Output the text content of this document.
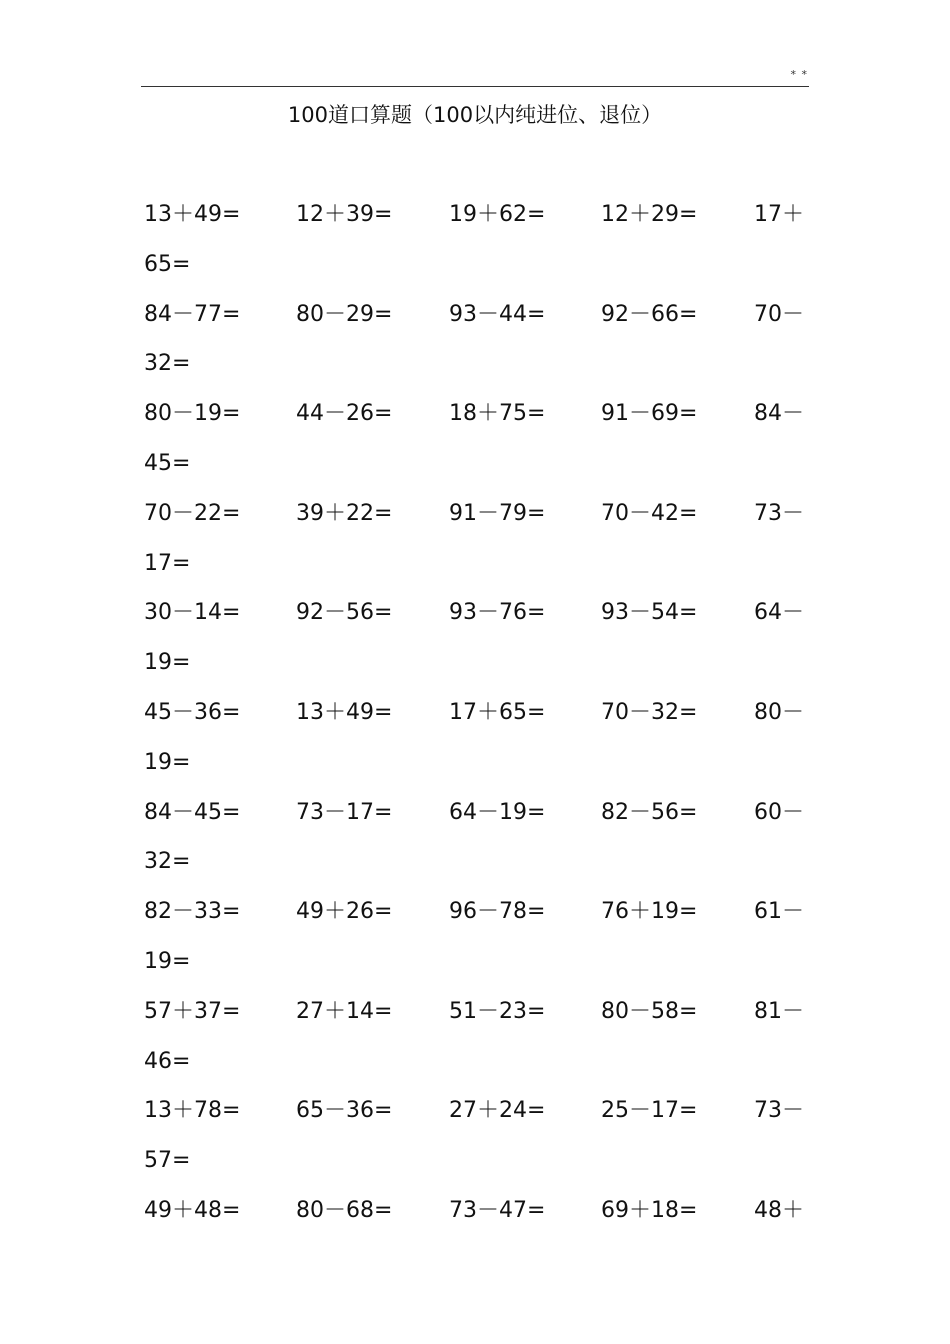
* *
100道口算题（100以内纯进位、退位）
13＋49=	12＋39=	19＋62=	12＋29=	17＋
65=
84－77=	80－29=	93－44=	92－66=	70－
32=
80－19=	44－26=	18＋75=	91－69=	84－
45=
70－22=	39＋22=	91－79=	70－42=	73－
17=
30－14=	92－56=	93－76=	93－54=	64－
19=
45－36=	13＋49=	17＋65=	70－32=	80－
19=
84－45=	73－17=	64－19=	82－56=	60－
32=
82－33=	49＋26=	96－78=	76＋19=	61－
19=
57＋37=	27＋14=	51－23=	80－58=	81－
46=
13＋78=	65－36=	27＋24=	25－17=	73－
57=
49＋48=	80－68=	73－47=	69＋18=	48＋
